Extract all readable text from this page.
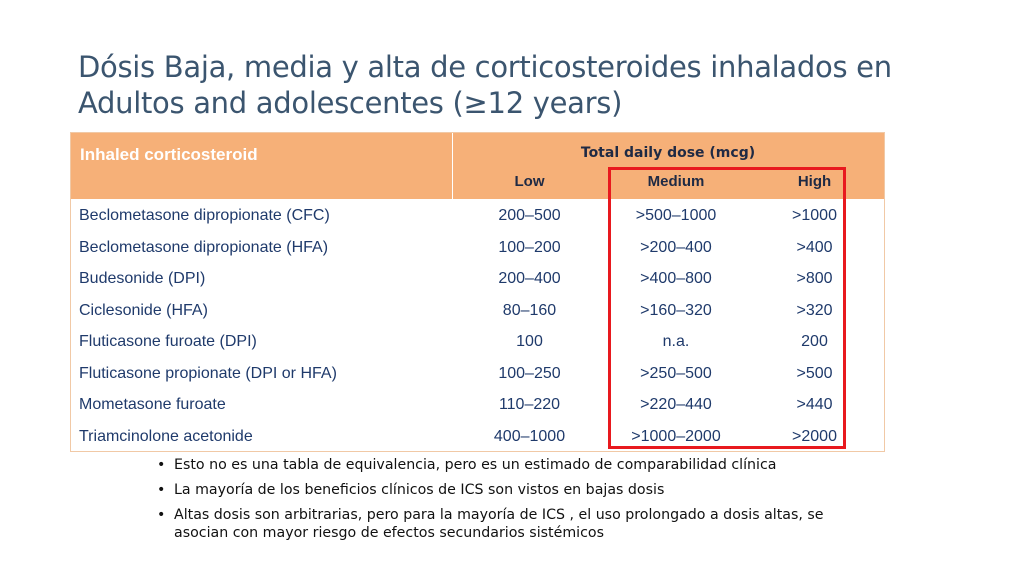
Dósis Baja, media y alta de corticosteroides inhalados en
Adultos and adolescentes (≥12 years)
Inhaled corticosteroid	Total daily dose (mcg)
Low	Medium	High
Beclometasone dipropionate (CFC)	200–500	>500–1000	>1000
Beclometasone dipropionate (HFA)	100–200	>200–400	>400
Budesonide (DPI)	200–400	>400–800	>800
Ciclesonide (HFA)	80–160	>160–320	>320
Fluticasone furoate (DPI)	100	n.a.	200
Fluticasone propionate (DPI or HFA)	100–250	>250–500	>500
Mometasone furoate	110–220	>220–440	>440
Triamcinolone acetonide	400–1000	>1000–2000	>2000
• Esto no es una tabla de equivalencia, pero es un estimado de comparabilidad clínica
• La mayoría de los beneficios clínicos de ICS son vistos en bajas dosis
• Altas dosis son arbitrarias, pero para la mayoría de ICS , el uso prolongado a dosis altas, se asocian con mayor riesgo de efectos secundarios sistémicos
